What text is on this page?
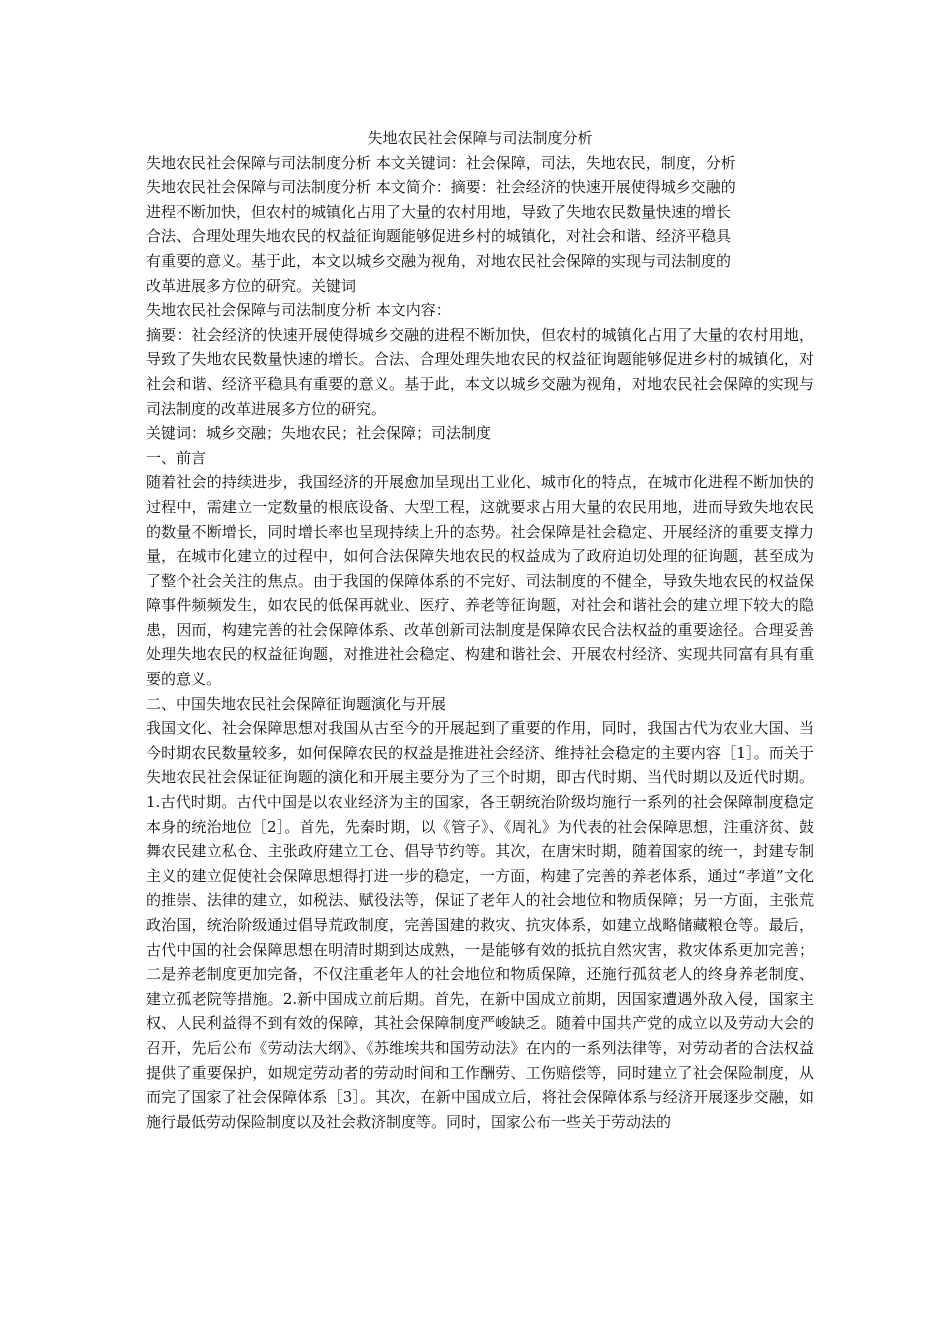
失地农民社会保障与司法制度分析

失地农民社会保障与司法制度分析 本文关键词：社会保障，司法，失地农民，制度，分析

失地农民社会保障与司法制度分析 本文简介：摘要：社会经济的快速开展使得城乡交融的

进程不断加快，但农村的城镇化占用了大量的农村用地，导致了失地农民数量快速的增长

合法、合理处理失地农民的权益征询题能够促进乡村的城镇化，对社会和谐、经济平稳具

有重要的意义。基于此，本文以城乡交融为视角，对地农民社会保障的实现与司法制度的

改革进展多方位的研究。关键词

失地农民社会保障与司法制度分析 本文内容：

摘要：社会经济的快速开展使得城乡交融的进程不断加快，但农村的城镇化占用了大量的农村用地，导致了失地农民数量快速的增长。合法、合理处理失地农民的权益征询题能够促进乡村的城镇化，对社会和谐、经济平稳具有重要的意义。基于此，本文以城乡交融为视角，对地农民社会保障的实现与司法制度的改革进展多方位的研究。

关键词：城乡交融；失地农民；社会保障；司法制度

一、前言

随着社会的持续进步，我国经济的开展愈加呈现出工业化、城市化的特点，在城市化进程不断加快的过程中，需建立一定数量的根底设备、大型工程，这就要求占用大量的农民用地，进而导致失地农民的数量不断增长，同时增长率也呈现持续上升的态势。社会保障是社会稳定、开展经济的重要支撑力量，在城市化建立的过程中，如何合法保障失地农民的权益成为了政府迫切处理的征询题，甚至成为了整个社会关注的焦点。由于我国的保障体系的不完好、司法制度的不健全，导致失地农民的权益保障事件频频发生，如农民的低保再就业、医疗、养老等征询题，对社会和谐社会的建立埋下较大的隐患，因而，构建完善的社会保障体系、改革创新司法制度是保障农民合法权益的重要途径。合理妥善处理失地农民的权益征询题，对推进社会稳定、构建和谐社会、开展农村经济、实现共同富有具有重要的意义。

二、中国失地农民社会保障征询题演化与开展

我国文化、社会保障思想对我国从古至今的开展起到了重要的作用，同时，我国古代为农业大国、当今时期农民数量较多，如何保障农民的权益是推进社会经济、维持社会稳定的主要内容［1］。而关于失地农民社会保证征询题的演化和开展主要分为了三个时期，即古代时期、当代时期以及近代时期。1.古代时期。古代中国是以农业经济为主的国家，各王朝统治阶级均施行一系列的社会保障制度稳定本身的统治地位［2］。首先，先秦时期，以《管子》、《周礼》为代表的社会保障思想，注重济贫、鼓舞农民建立私仓、主张政府建立工仓、倡导节约等。其次，在唐宋时期，随着国家的统一，封建专制主义的建立促使社会保障思想得打进一步的稳定，一方面，构建了完善的养老体系，通过“孝道”文化的推崇、法律的建立，如税法、赋役法等，保证了老年人的社会地位和物质保障；另一方面，主张荒政治国，统治阶级通过倡导荒政制度，完善国建的救灾、抗灾体系，如建立战略储藏粮仓等。最后，古代中国的社会保障思想在明清时期到达成熟，一是能够有效的抵抗自然灾害，救灾体系更加完善；二是养老制度更加完备，不仅注重老年人的社会地位和物质保障，还施行孤贫老人的终身养老制度、建立孤老院等措施。2.新中国成立前后期。首先，在新中国成立前期，因国家遭遇外敌入侵，国家主权、人民利益得不到有效的保障，其社会保障制度严峻缺乏。随着中国共产党的成立以及劳动大会的召开，先后公布《劳动法大纲》、《苏维埃共和国劳动法》在内的一系列法律等，对劳动者的合法权益提供了重要保护，如规定劳动者的劳动时间和工作酬劳、工伤赔偿等，同时建立了社会保险制度，从而完了国家了社会保障体系［3］。其次，在新中国成立后，将社会保障体系与经济开展逐步交融，如施行最低劳动保险制度以及社会救济制度等。同时，国家公布一些关于劳动法的
